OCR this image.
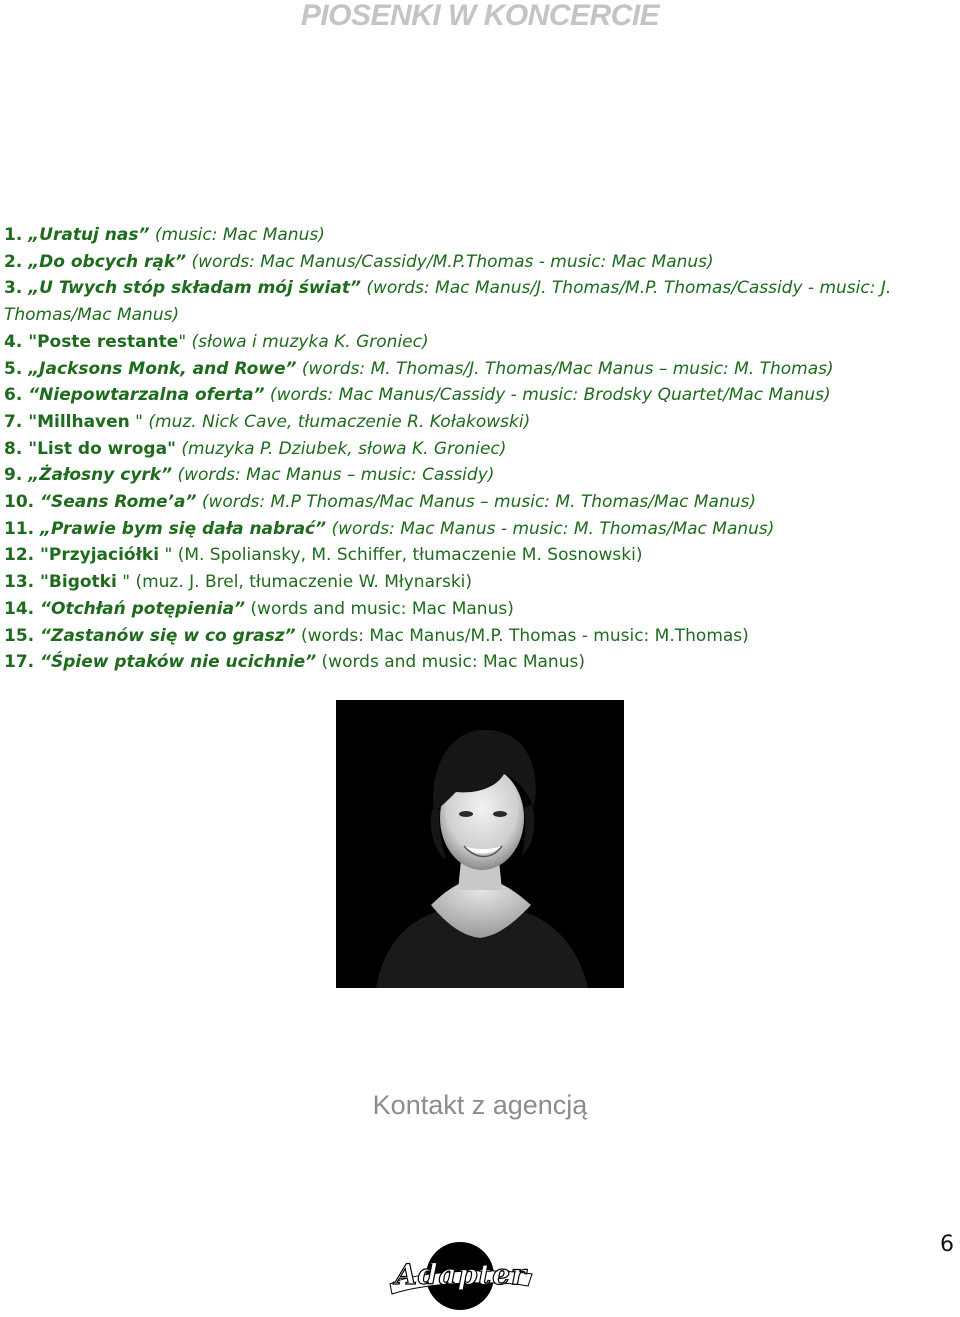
PIOSENKI W KONCERCIE
1. „Uratuj nas” (music: Mac Manus)
2. „Do obcych rąk” (words: Mac Manus/Cassidy/M.P.Thomas - music: Mac Manus)
3. „U Twych stóp składam mój świat” (words: Mac Manus/J. Thomas/M.P. Thomas/Cassidy - music: J. Thomas/Mac Manus)
4. "Poste restante" (słowa i muzyka K. Groniec)
5. „Jacksons Monk, and Rowe” (words: M. Thomas/J. Thomas/Mac Manus – music: M. Thomas)
6. “Niepowtarzalna oferta” (words: Mac Manus/Cassidy - music: Brodsky Quartet/Mac Manus)
7. "Millhaven " (muz. Nick Cave, tłumaczenie R. Kołakowski)
8. "List do wroga" (muzyka P. Dziubek, słowa K. Groniec)
9. „Żałosny cyrk” (words: Mac Manus – music: Cassidy)
10. “Seans Rome’a” (words: M.P Thomas/Mac Manus – music: M. Thomas/Mac Manus)
11. „Prawie bym się dała nabrać” (words: Mac Manus - music: M. Thomas/Mac Manus)
12. "Przyjaciółki " (M. Spoliansky, M. Schiffer, tłumaczenie M. Sosnowski)
13. "Bigotki " (muz. J. Brel, tłumaczenie W. Młynarski)
14. “Otchłań potępienia” (words and music: Mac Manus)
15. “Zastanów się w co grasz” (words: Mac Manus/M.P. Thomas - music: M.Thomas)
17. “Śpiew ptaków nie ucichnie” (words and music: Mac Manus)
Kontakt z agencją
6
Adapter
